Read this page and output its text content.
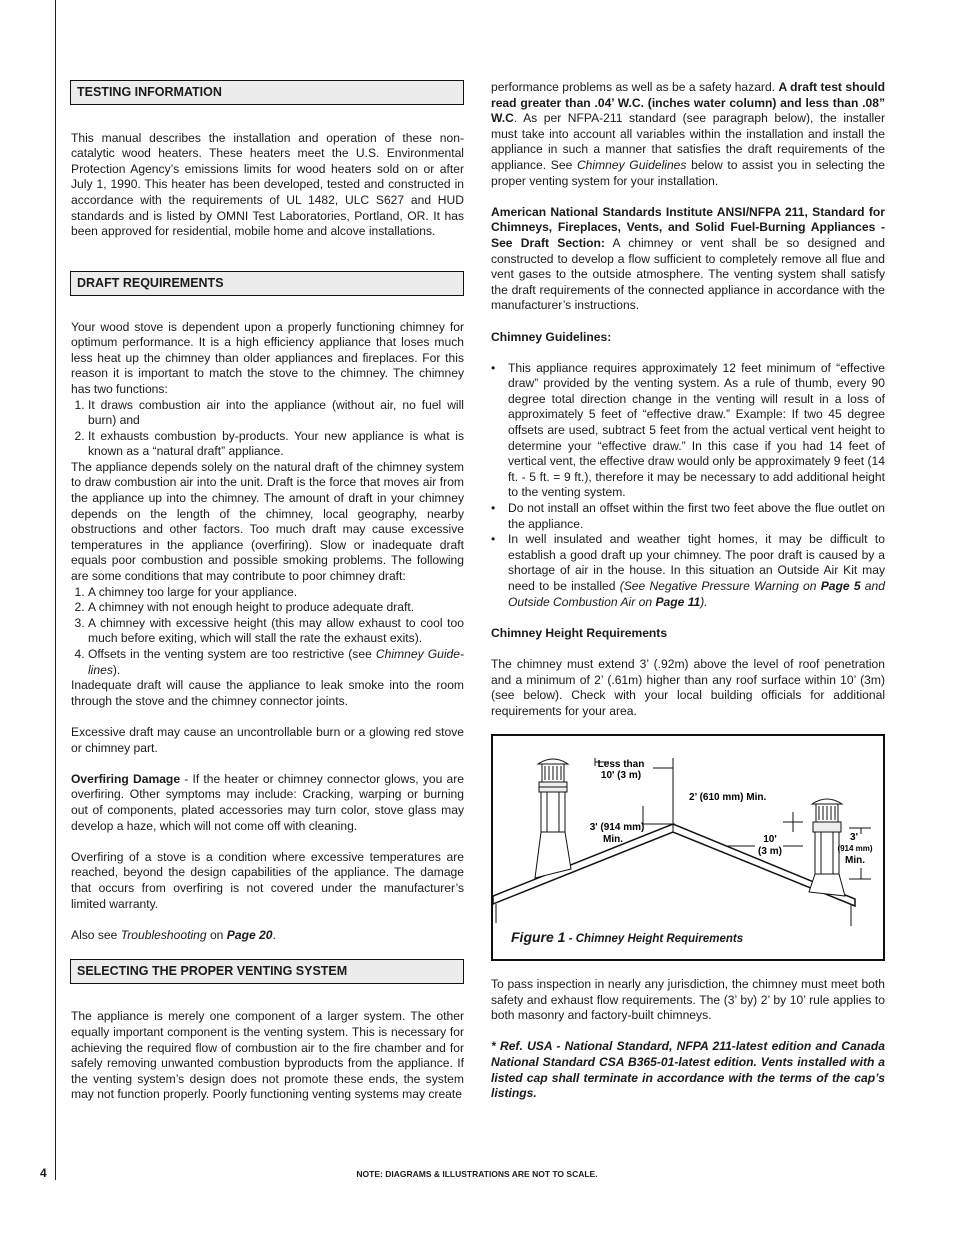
TESTING INFORMATION

This manual describes the installation and operation of these non-catalytic wood heaters. These heaters meet the U.S. Environmental Protection Agency’s emissions limits for wood heaters sold on or after July 1, 1990. This heater has been developed, tested and constructed in accordance with the requirements of UL 1482, ULC S627 and HUD standards and is listed by OMNI Test Laboratories, Portland, OR. It has been approved for residential, mobile home and alcove installations.

DRAFT REQUIREMENTS

Your wood stove is dependent upon a properly functioning chimney for optimum performance. It is a high efficiency appliance that loses much less heat up the chimney than older appliances and fireplaces. For this reason it is important to match the stove to the chimney. The chimney has two functions:

1. It draws combustion air into the appliance (without air, no fuel will burn) and
2. It exhausts combustion by-products. Your new appliance is what is known as a “natural draft” appliance.

The appliance depends solely on the natural draft of the chimney system to draw combustion air into the unit. Draft is the force that moves air from the appliance up into the chimney. The amount of draft in your chimney depends on the length of the chimney, local geography, nearby obstructions and other factors. Too much draft may cause excessive temperatures in the appliance (overfiring). Slow or inadequate draft equals poor combustion and possible smoking problems. The following are some conditions that may contribute to poor chimney draft:

1. A chimney too large for your appliance.
2. A chimney with not enough height to produce adequate draft.
3. A chimney with excessive height (this may allow exhaust to cool too much before exiting, which will stall the rate the exhaust exits).
4. Offsets in the venting system are too restrictive (see Chimney Guide-lines).

Inadequate draft will cause the appliance to leak smoke into the room through the stove and the chimney connector joints.

Excessive draft may cause an uncontrollable burn or a glowing red stove or chimney part.

Overfiring Damage - If the heater or chimney connector glows, you are overfiring. Other symptoms may include: Cracking, warping or burning out of components, plated accessories may turn color, stove glass may develop a haze, which will not come off with cleaning.

Overfiring of a stove is a condition where excessive temperatures are reached, beyond the design capabilities of the appliance. The damage that occurs from overfiring is not covered under the manufacturer’s limited warranty.

Also see Troubleshooting on Page 20.

SELECTING THE PROPER VENTING SYSTEM

The appliance is merely one component of a larger system. The other equally important component is the venting system. This is necessary for achieving the required flow of combustion air to the fire chamber and for safely removing unwanted combustion byproducts from the appliance. If the venting system’s design does not promote these ends, the system may not function properly. Poorly functioning venting systems may create

performance problems as well as be a safety hazard. A draft test should read greater than .04’ W.C. (inches water column) and less than .08” W.C. As per NFPA-211 standard (see paragraph below), the installer must take into account all variables within the installation and install the appliance in such a manner that satisfies the draft requirements of the appliance. See Chimney Guidelines below to assist you in selecting the proper venting system for your installation.

American National Standards Institute ANSI/NFPA 211, Standard for Chimneys, Fireplaces, Vents, and Solid Fuel-Burning Appliances - See Draft Section: A chimney or vent shall be so designed and constructed to develop a flow sufficient to completely remove all flue and vent gases to the outside atmosphere. The venting system shall satisfy the draft requirements of the connected appliance in accordance with the manufacturer’s instructions.

Chimney Guidelines:

• This appliance requires approximately 12 feet minimum of “effective draw” provided by the venting system. As a rule of thumb, every 90 degree total direction change in the venting will result in a loss of approximately 5 feet of “effective draw.” Example: If two 45 degree offsets are used, subtract 5 feet from the actual vertical vent height to determine your “effective draw.” In this case if you had 14 feet of vertical vent, the effective draw would only be approximately 9 feet (14 ft. - 5 ft. = 9 ft.), therefore it may be necessary to add additional height to the venting system.
• Do not install an offset within the first two feet above the flue outlet on the appliance.
• In well insulated and weather tight homes, it may be difficult to establish a good draft up your chimney. The poor draft is caused by a shortage of air in the house. In this situation an Outside Air Kit may need to be installed (See Negative Pressure Warning on Page 5 and Outside Combustion Air on Page 11).

Chimney Height Requirements

The chimney must extend 3’ (.92m) above the level of roof penetration and a minimum of 2’ (.61m) higher than any roof surface within 10’ (3m) (see below). Check with your local building officials for additional requirements for your area.

Less than
10' (3 m)
2’ (610 mm) Min.
3' (914 mm)
Min.	10'
(3 m)
3'
(914 mm)
Min.
Figure 1 - Chimney Height Requirements

To pass inspection in nearly any jurisdiction, the chimney must meet both safety and exhaust flow requirements. The (3’ by) 2’ by 10’ rule applies to both masonry and factory-built chimneys.

* Ref. USA - National Standard, NFPA 211-latest edition and Canada National Standard CSA B365-01-latest edition. Vents installed with a listed cap shall terminate in accordance with the terms of the cap’s listings.

4	NOTE: DIAGRAMS & ILLUSTRATIONS ARE NOT TO SCALE.
